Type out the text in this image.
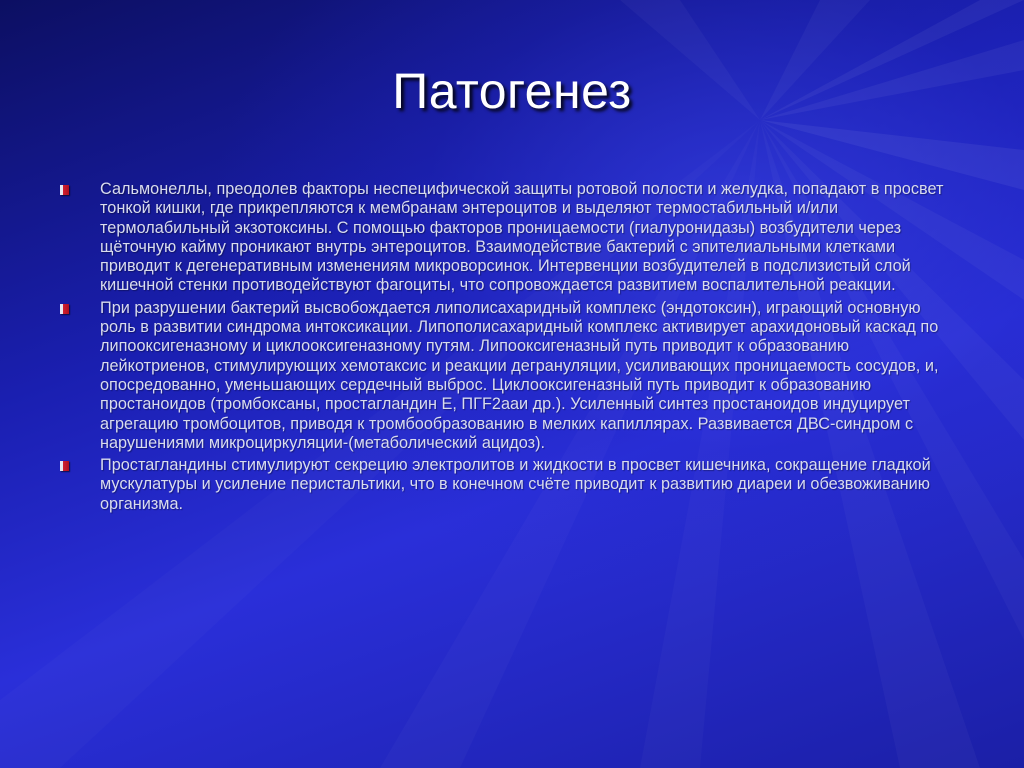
Патогенез
Сальмонеллы, преодолев факторы неспецифической защиты ротовой полости и желудка, попадают в просвет тонкой кишки, где прикрепляются к мембранам энтероцитов и выделяют термостабильный и/или термолабильный экзотоксины. С помощью факторов проницаемости (гиалуронидазы) возбудители через щёточную кайму проникают внутрь энтероцитов. Взаимодействие бактерий с эпителиальными клетками приводит к дегенеративным изменениям микроворсинок. Интервенции возбудителей в подслизистый слой кишечной стенки противодействуют фагоциты, что сопровождается развитием воспалительной реакции.
При разрушении бактерий высвобождается липолисахаридный комплекс (эндотоксин), играющий основную роль в развитии синдрома интоксикации. Липополисахаридный комплекс активирует арахидоновый каскад по липооксигеназному и циклооксигеназному путям. Липооксигеназный путь приводит к образованию лейкотриенов, стимулирующих хемотаксис и реакции дегрануляции, усиливающих проницаемость сосудов, и, опосредованно, уменьшающих сердечный выброс. Циклооксигеназный путь приводит к образованию простаноидов (тромбоксаны, простагландин Е, ПГF2aаи др.). Усиленный синтез простаноидов индуцирует агрегацию тромбоцитов, приводя к тромбообразованию в мелких капиллярах. Развивается ДВС-синдром с нарушениями микроциркуляции-(метаболический ацидоз).
Простагландины стимулируют секрецию электролитов и жидкости в просвет кишечника, сокращение гладкой мускулатуры и усиление перистальтики, что в конечном счёте приводит к развитию диареи и обезвоживанию организма.
